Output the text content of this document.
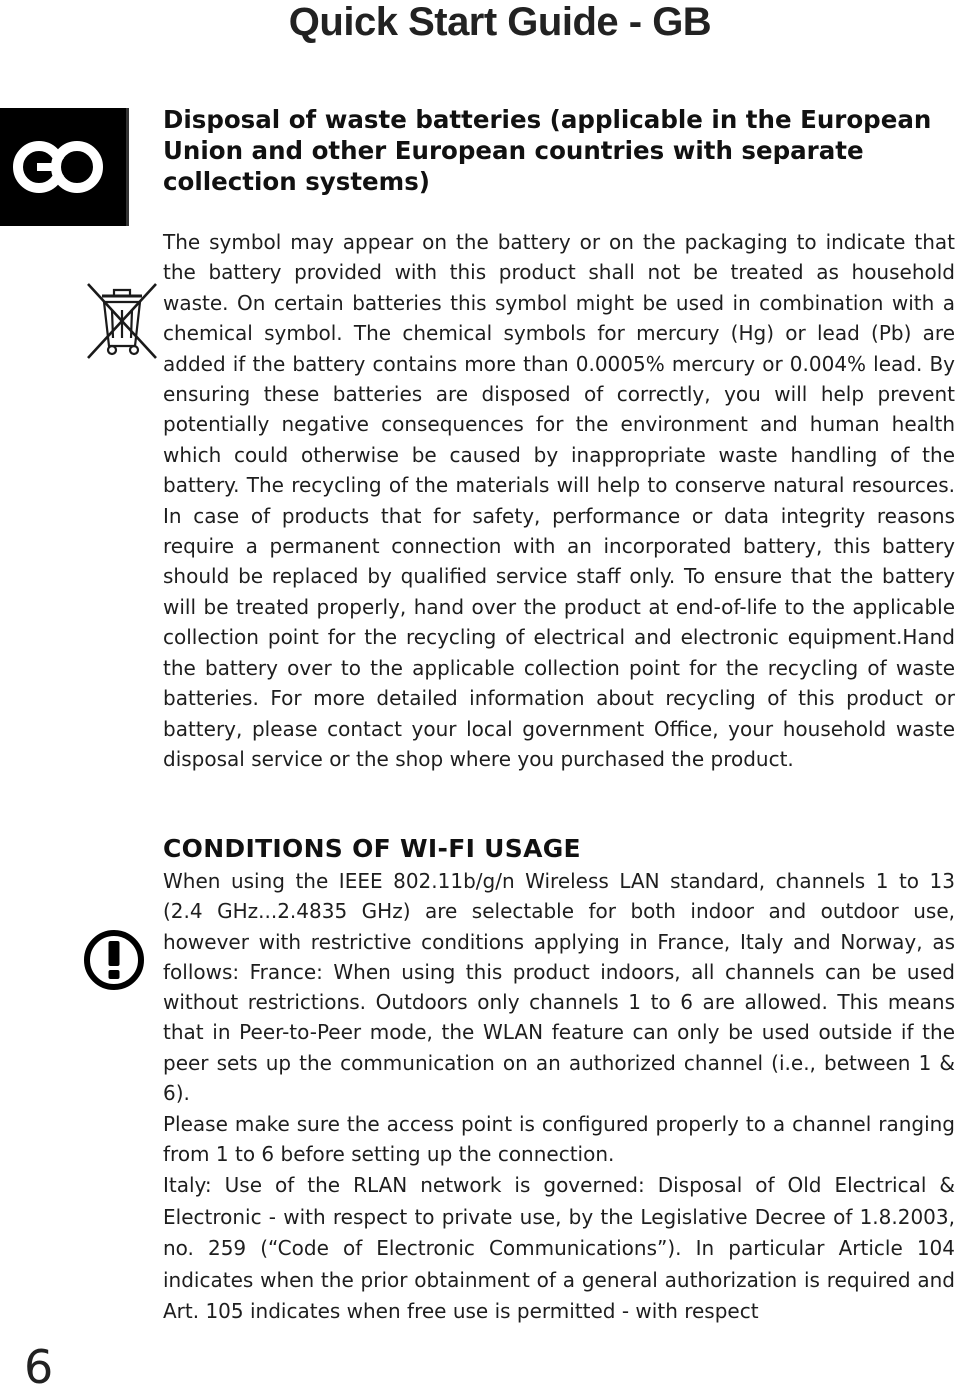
Quick Start Guide - GB
Disposal of waste batteries (applicable in the European Union and other European countries with separate collection systems)
The symbol may appear on the battery or on the packaging to indicate that the battery provided with this product shall not be treated as household waste. On certain batteries this symbol might be used in combination with a chemical symbol. The chemical symbols for mercury (Hg) or lead (Pb) are added if the battery contains more than 0.0005% mercury or 0.004% lead. By ensuring these batteries are disposed of correctly, you will help prevent potentially negative consequences for the environment and human health which could otherwise be caused by inappropriate waste handling of the battery. The recycling of the materials will help to conserve natural resources. In case of products that for safety, performance or data integrity reasons require a permanent connection with an incorporated battery, this battery should be replaced by qualified service staff only. To ensure that the battery will be treated properly, hand over the product at end-of-life to the applicable collection point for the recycling of electrical and electronic equipment.Hand the battery over to the applicable collection point for the recycling of waste batteries. For more detailed information about recycling of this product or battery, please contact your local government Office, your household waste disposal service or the shop where you purchased the product.
CONDITIONS OF WI-FI USAGE
When using the IEEE 802.11b/g/n Wireless LAN standard, channels 1 to 13 (2.4 GHz...2.4835 GHz) are selectable for both indoor and outdoor use, however with restrictive conditions applying in France, Italy and Norway, as follows: France: When using this product indoors, all channels can be used without restrictions. Outdoors only channels 1 to 6 are allowed. This means that in Peer-to-Peer mode, the WLAN feature can only be used outside if the peer sets up the communication on an authorized channel (i.e., between 1 & 6).
Please make sure the access point is configured properly to a channel ranging from 1 to 6 before setting up the connection.
Italy: Use of the RLAN network is governed: Disposal of Old Electrical & Electronic - with respect to private use, by the Legislative Decree of 1.8.2003, no. 259 (“Code of Electronic Communications”). In particular Article 104 indicates when the prior obtainment of a general authorization is required and Art. 105 indicates when free use is permitted - with respect
6
